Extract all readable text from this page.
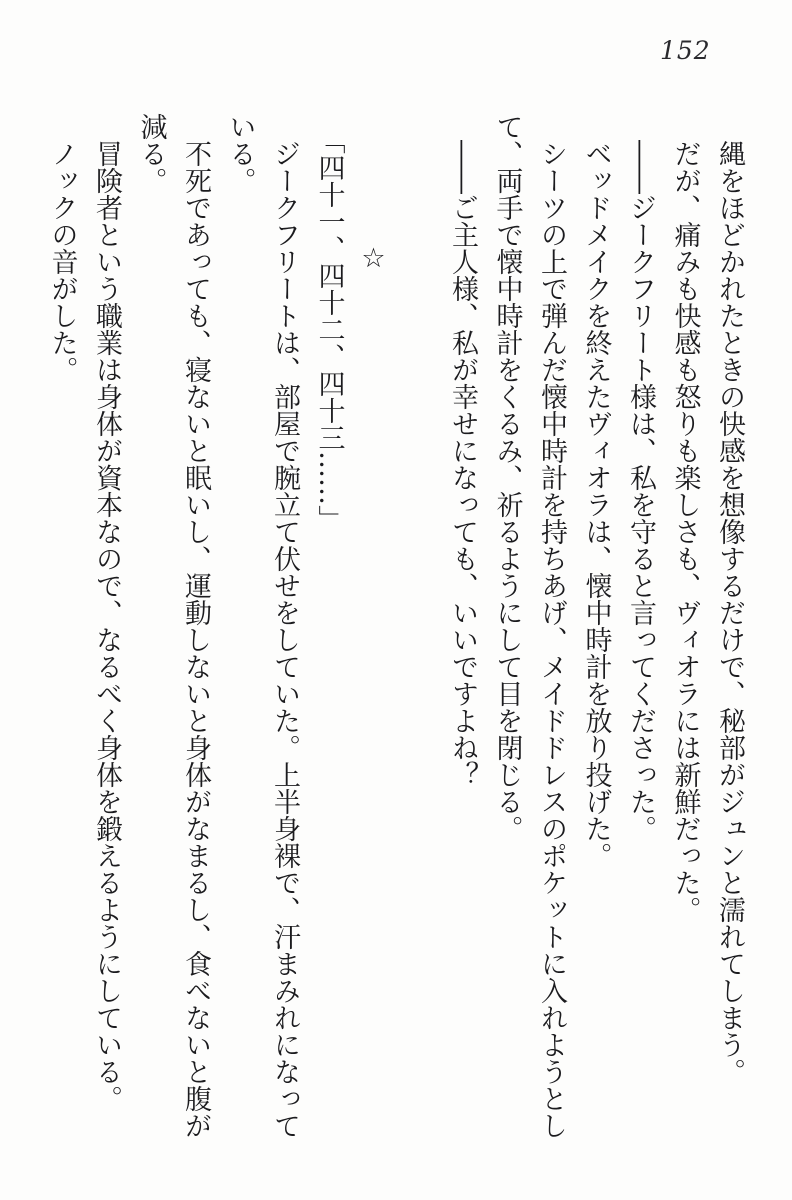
152

縄をほどかれたときの快感を想像するだけで、秘部がジュンと濡れてしまう。

だが、痛みも快感も怒りも楽しさも、ヴィオラには新鮮だった。

――ジークフリート様は、私を守ると言ってくださった。

ベッドメイクを終えたヴィオラは、懐中時計を放り投げた。

シーツの上で弾んだ懐中時計を持ちあげ、メイドドレスのポケットに入れようとし

て、両手で懐中時計をくるみ、祈るようにして目を閉じる。

――ご主人様、私が幸せになっても、いいですよね？

☆

「四十一、四十二、四十三……」

ジークフリートは、部屋で腕立て伏せをしていた。上半身裸で、汗まみれになって

いる。

不死であっても、寝ないと眠いし、運動しないと身体がなまるし、食べないと腹が

減る。

冒険者という職業は身体が資本なので、なるべく身体を鍛えるようにしている。

ノックの音がした。
